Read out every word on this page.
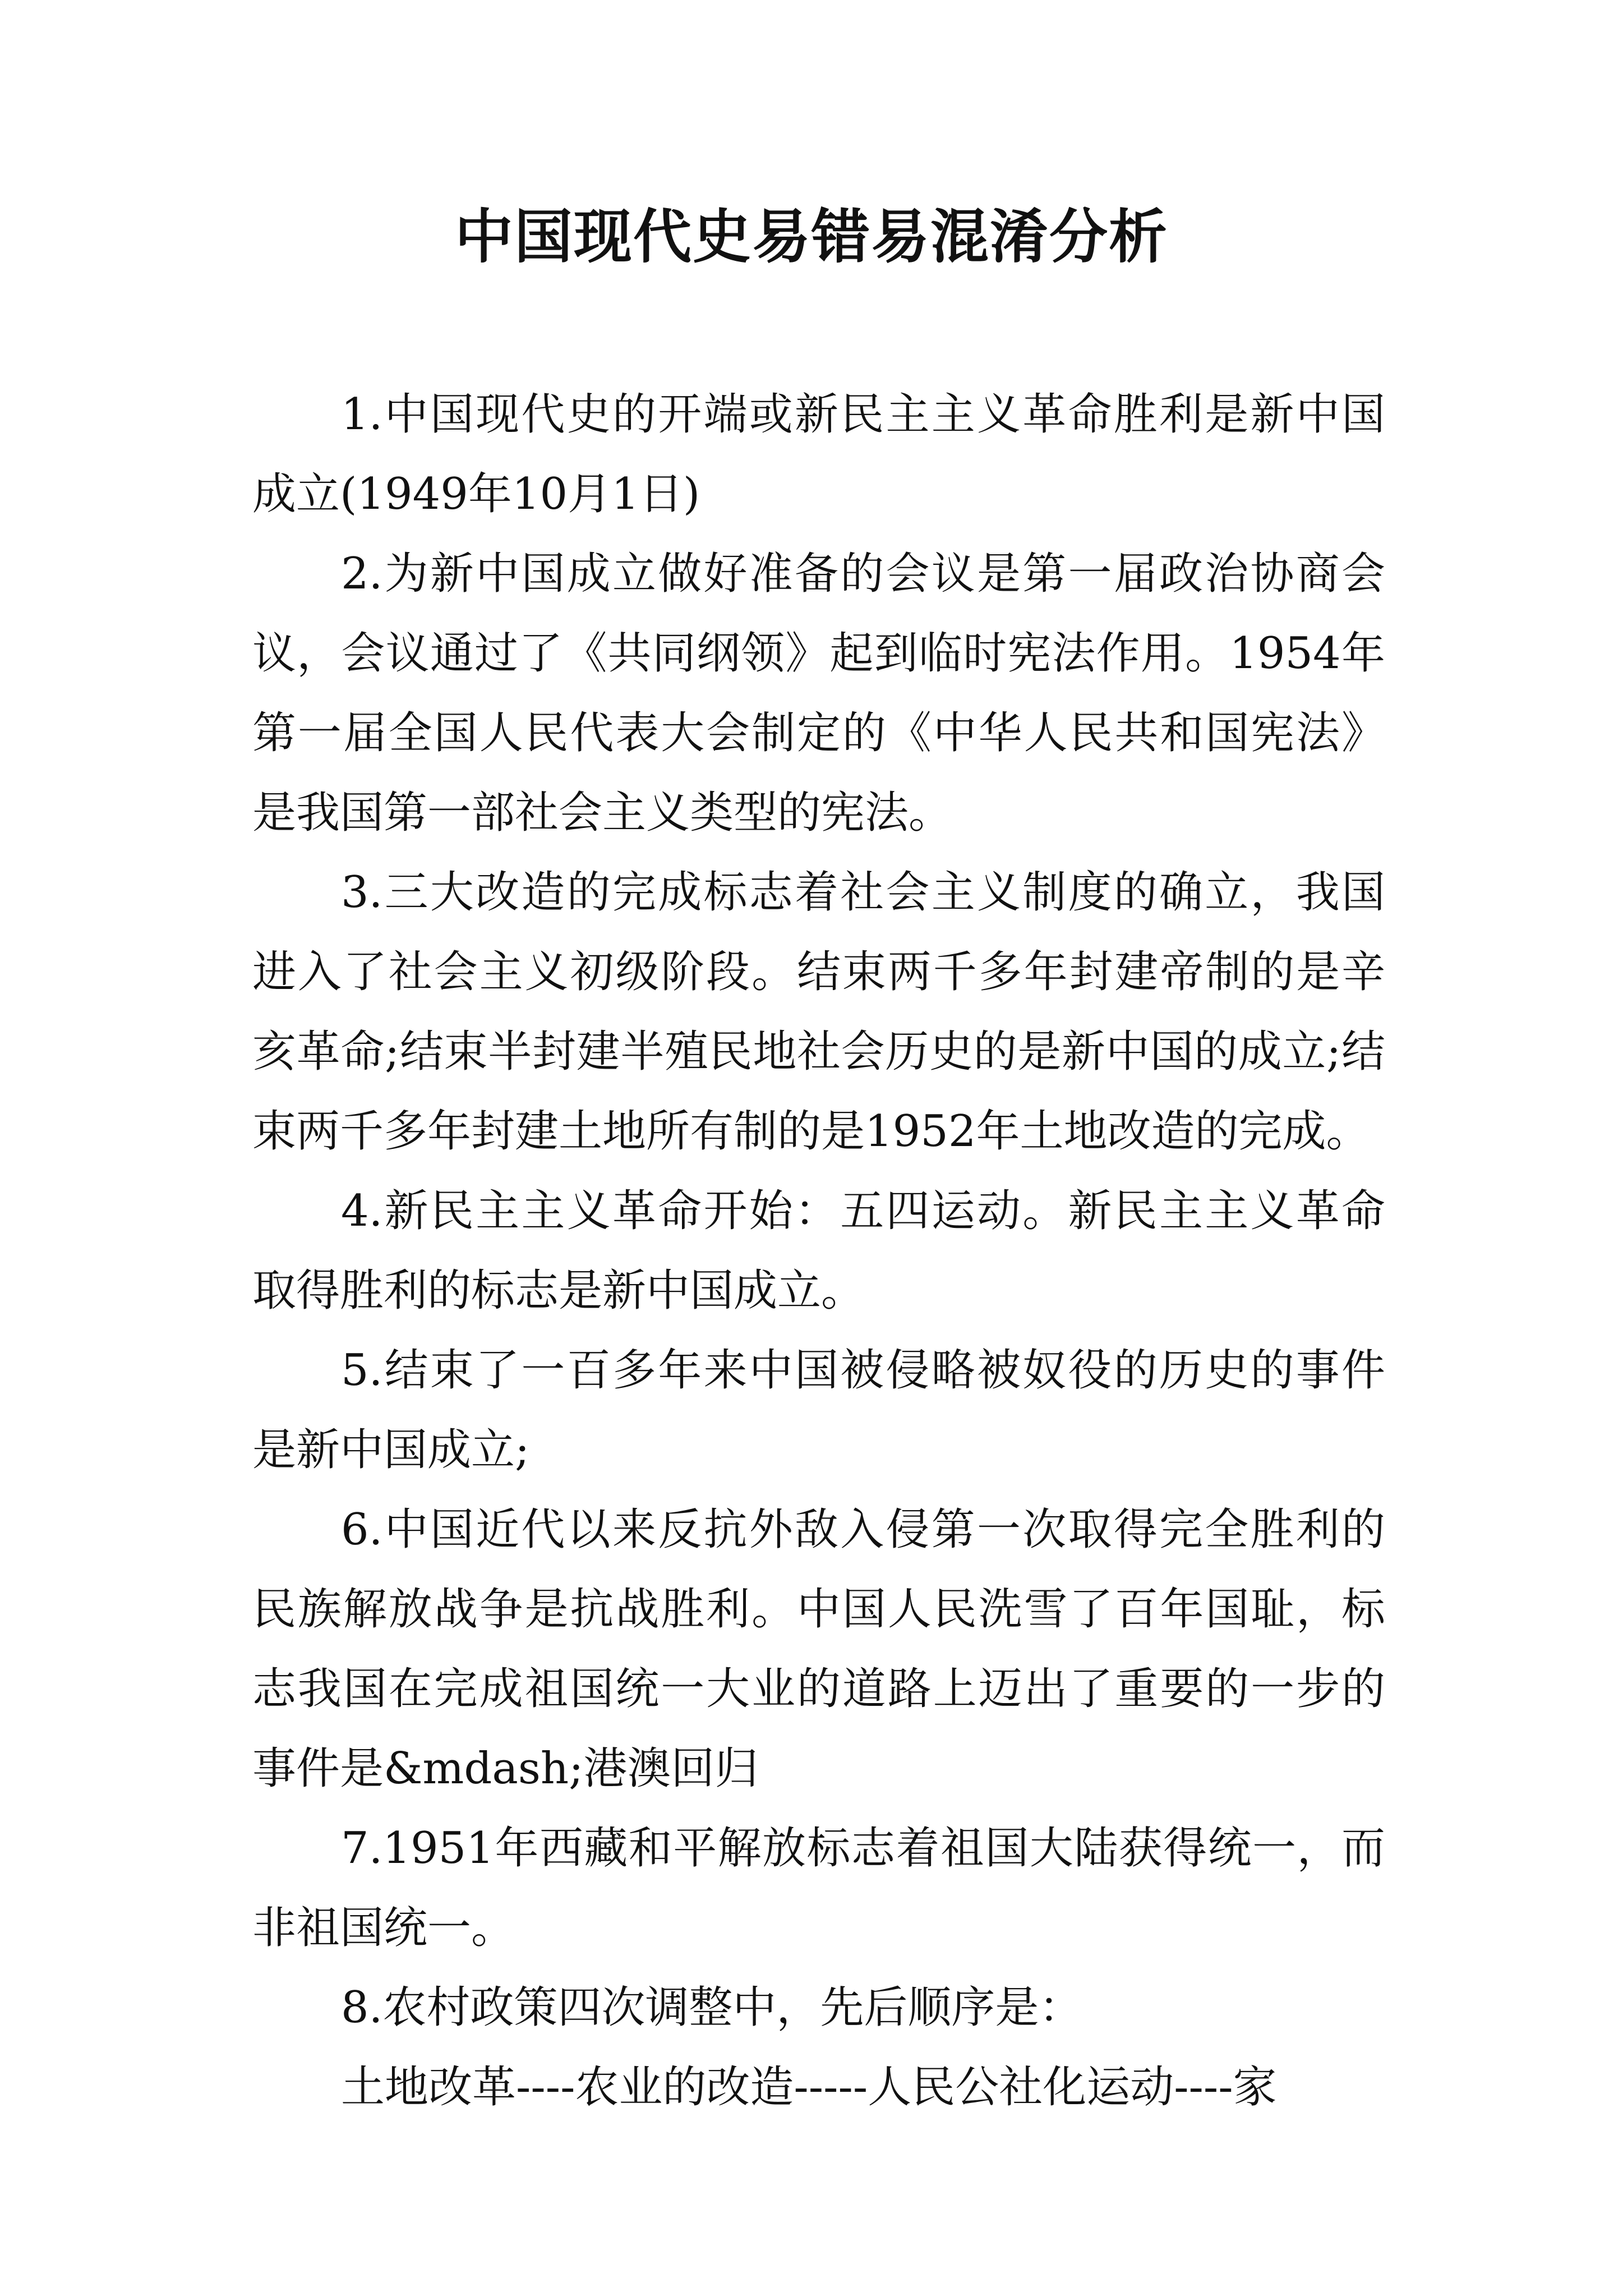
中国现代史易错易混淆分析

1.中国现代史的开端或新民主主义革命胜利是新中国成立(1949年10月1日)

2.为新中国成立做好准备的会议是第一届政治协商会议，会议通过了《共同纲领》起到临时宪法作用。1954年第一届全国人民代表大会制定的《中华人民共和国宪法》是我国第一部社会主义类型的宪法。

3.三大改造的完成标志着社会主义制度的确立，我国进入了社会主义初级阶段。结束两千多年封建帝制的是辛亥革命;结束半封建半殖民地社会历史的是新中国的成立;结束两千多年封建土地所有制的是1952年土地改造的完成。

4.新民主主义革命开始：五四运动。新民主主义革命取得胜利的标志是新中国成立。

5.结束了一百多年来中国被侵略被奴役的历史的事件是新中国成立;

6.中国近代以来反抗外敌入侵第一次取得完全胜利的民族解放战争是抗战胜利。中国人民洗雪了百年国耻，标志我国在完成祖国统一大业的道路上迈出了重要的一步的事件是&mdash;港澳回归

7.1951年西藏和平解放标志着祖国大陆获得统一，而非祖国统一。

8.农村政策四次调整中，先后顺序是：

土地改革----农业的改造-----人民公社化运动----家
